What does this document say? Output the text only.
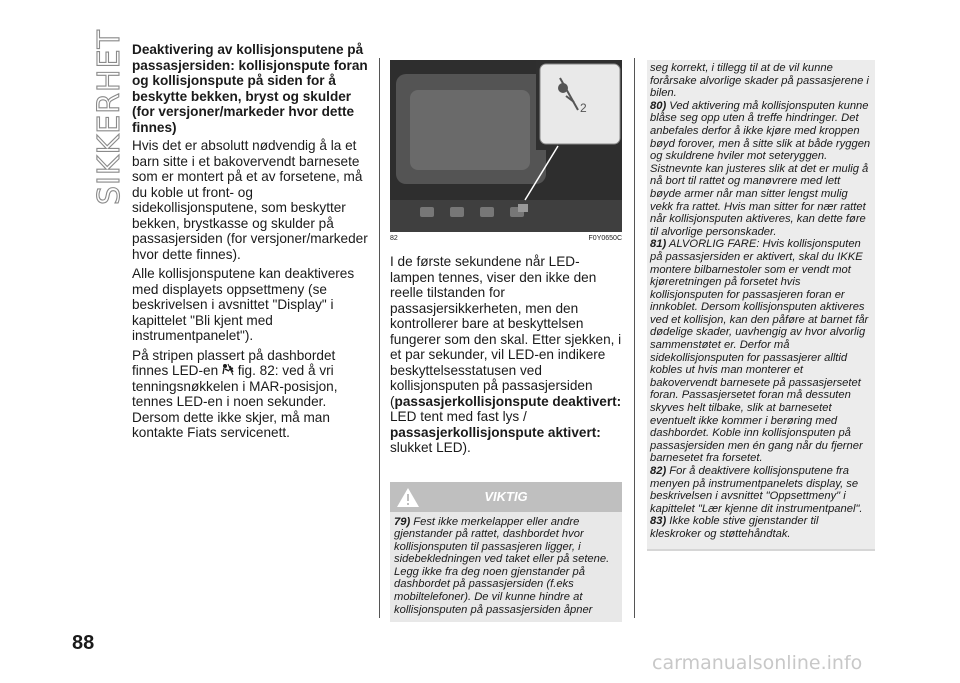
SIKKERHET
88
Deaktivering av kollisjonsputene på passasjersiden: kollisjonspute foran og kollisjonspute på siden for å beskytte bekken, bryst og skulder (for versjoner/markeder hvor dette finnes)

Hvis det er absolutt nødvendig å la et barn sitte i et bakovervendt barnesete som er montert på et av forsetene, må du koble ut front- og sidekollisjonsputene, som beskytter bekken, brystkasse og skulder på passasjersiden (for versjoner/markeder hvor dette finnes).

Alle kollisjonsputene kan deaktiveres med displayets oppsettmeny (se beskrivelsen i avsnittet "Display" i kapittelet "Bli kjent med instrumentpanelet").

På stripen plassert på dashbordet finnes LED-en fig. 82: ved å vri tenningsnøkkelen i MAR-posisjon, tennes LED-en i noen sekunder. Dersom dette ikke skjer, må man kontakte Fiats servicenett.

2
82	F0Y0650C

I de første sekundene når LED-lampen tennes, viser den ikke den reelle tilstanden for passasjersikkerheten, men den kontrollerer bare at beskyttelsen fungerer som den skal. Etter sjekken, i et par sekunder, vil LED-en indikere beskyttelsesstatusen ved kollisjonsputen på passasjersiden (passasjerkollisjonspute deaktivert: LED tent med fast lys / passasjerkollisjonspute aktivert: slukket LED).

VIKTIG
79) Fest ikke merkelapper eller andre gjenstander på rattet, dashbordet hvor kollisjonsputen til passasjeren ligger, i sidebekledningen ved taket eller på setene. Legg ikke fra deg noen gjenstander på dashbordet på passasjersiden (f.eks mobiltelefoner). De vil kunne hindre at kollisjonsputen på passasjersiden åpner

seg korrekt, i tillegg til at de vil kunne forårsake alvorlige skader på passasjerene i bilen.

80) Ved aktivering må kollisjonsputen kunne blåse seg opp uten å treffe hindringer. Det anbefales derfor å ikke kjøre med kroppen bøyd forover, men å sitte slik at både ryggen og skuldrene hviler mot seteryggen. Sistnevnte kan justeres slik at det er mulig å nå bort til rattet og manøvrere med lett bøyde armer når man sitter lengst mulig vekk fra rattet. Hvis man sitter for nær rattet når kollisjonsputen aktiveres, kan dette føre til alvorlige personskader.

81) ALVORLIG FARE: Hvis kollisjonsputen på passasjersiden er aktivert, skal du IKKE montere bilbarnestoler som er vendt mot kjøreretningen på forsetet hvis kollisjonsputen for passasjeren foran er innkoblet. Dersom kollisjonsputen aktiveres ved et kollisjon, kan den påføre at barnet får dødelige skader, uavhengig av hvor alvorlig sammenstøtet er. Derfor må sidekollisjonsputen for passasjerer alltid kobles ut hvis man monterer et bakovervendt barnesete på passasjersetet foran. Passasjersetet foran må dessuten skyves helt tilbake, slik at barnesetet eventuelt ikke kommer i berøring med dashbordet. Koble inn kollisjonsputen på passasjersiden men én gang når du fjerner barnesetet fra forsetet.

82) For å deaktivere kollisjonsputene fra menyen på instrumentpanelets display, se beskrivelsen i avsnittet "Oppsettmeny" i kapittelet "Lær kjenne dit instrumentpanel".

83) Ikke koble stive gjenstander til kleskroker og støttehåndtak.

carmanualsonline.info
